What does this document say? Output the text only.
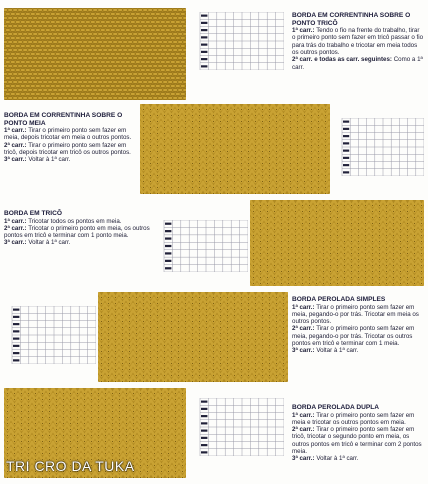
BORDA EM CORRENTINHA SOBRE O PONTO TRICÔ
1ª carr.: Tendo o fio na frente do trabalho, tirar o primeiro ponto sem fazer em tricô passar o fio para trás do trabalho e tricotar em meia todos os outros pontos.
2ª carr. e todas as carr. seguintes: Como a 1ª carr.
BORDA EM CORRENTINHA SOBRE O PONTO MEIA
1ª carr.: Tirar o primeiro ponto sem fazer em meia, depois tricotar em meia o outros pontos.
2ª carr.: Tirar o primeiro ponto sem fazer em tricô, depois tricotar em tricô os outros pontos.
3ª carr.: Voltar à 1ª carr.
BORDA EM TRICÔ
1ª carr.: Tricotar todos os pontos em meia.
2ª carr.: Tricotar o primeiro ponto em meia, os outros pontos em tricô e terminar com 1 ponto meia.
3ª carr.: Voltar à 1ª carr.
BORDA PEROLADA SIMPLES
1ª carr.: Tirar o primeiro ponto sem fazer em meia, pegando-o por trás. Tricotar em meia os outros pontos.
2ª carr.: Tirar o primeiro ponto sem fazer em meia, pegando-o por trás. Tricotar os outros pontos em tricô e terminar com 1 meia.
3ª carr.: Voltar à 1ª carr.
BORDA PEROLADA DUPLA
1ª carr.: Tirar o primeiro ponto sem fazer em meia e tricotar os outros pontos em meia.
2ª carr.: Tirar o primeiro ponto sem fazer em tricô, tricotar o segundo ponto em meia, os outros pontos em tricô e terminar com 2 pontos meia.
3ª carr.: Voltar à 1ª carr.
TRI CRO DA TUKA
